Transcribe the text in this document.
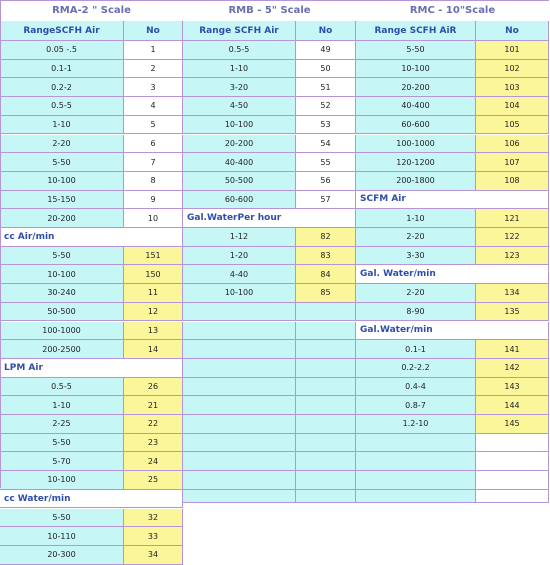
RMA-2 " Scale
RangeSCFH Air	No
0.05 -.5	1
0.1-1	2
0.2-2	3
0.5-5	4
1-10	5
2-20	6
5-50	7
10-100	8
15-150	9
20-200	10
cc Air/min
5-50	151
10-100	150
30-240	11
50-500	12
100-1000	13
200-2500	14
LPM Air
0.5-5	26
1-10	21
2-25	22
5-50	23
5-70	24
10-100	25
cc Water/min
5-50	32
10-110	33
20-300	34
RMB - 5" Scale
Range SCFH Air	No
0.5-5	49
1-10	50
3-20	51
4-50	52
10-100	53
20-200	54
40-400	55
50-500	56
60-600	57
Gal.WaterPer hour
1-12	82
1-20	83
4-40	84
10-100	85
RMC - 10"Scale
Range SCFH AiR	No
5-50	101
10-100	102
20-200	103
40-400	104
60-600	105
100-1000	106
120-1200	107
200-1800	108
SCFM Air
1-10	121
2-20	122
3-30	123
Gal. Water/min
2-20	134
8-90	135
Gal.Water/min
0.1-1	141
0.2-2.2	142
0.4-4	143
0.8-7	144
1.2-10	145
